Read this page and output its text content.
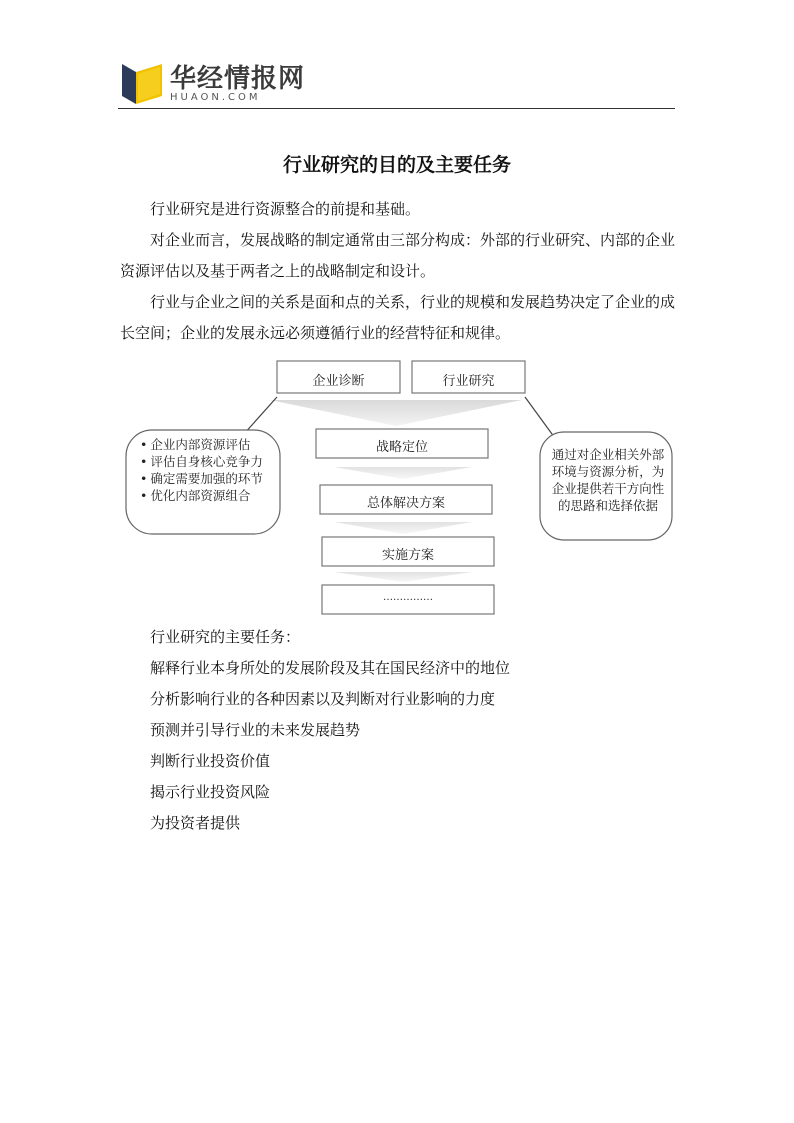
华经情报网
HUAON.COM
行业研究的目的及主要任务
行业研究是进行资源整合的前提和基础。
对企业而言，发展战略的制定通常由三部分构成：外部的行业研究、内部的企业资源评估以及基于两者之上的战略制定和设计。
行业与企业之间的关系是面和点的关系，行业的规模和发展趋势决定了企业的成长空间；企业的发展永远必须遵循行业的经营特征和规律。
企业诊断	行业研究
战略定位
总体解决方案
实施方案
……………
• 企业内部资源评估
• 评估自身核心竞争力
• 确定需要加强的环节
• 优化内部资源组合
通过对企业相关外部环境与资源分析，为企业提供若干方向性的思路和选择依据
行业研究的主要任务：
解释行业本身所处的发展阶段及其在国民经济中的地位
分析影响行业的各种因素以及判断对行业影响的力度
预测并引导行业的未来发展趋势
判断行业投资价值
揭示行业投资风险
为投资者提供
